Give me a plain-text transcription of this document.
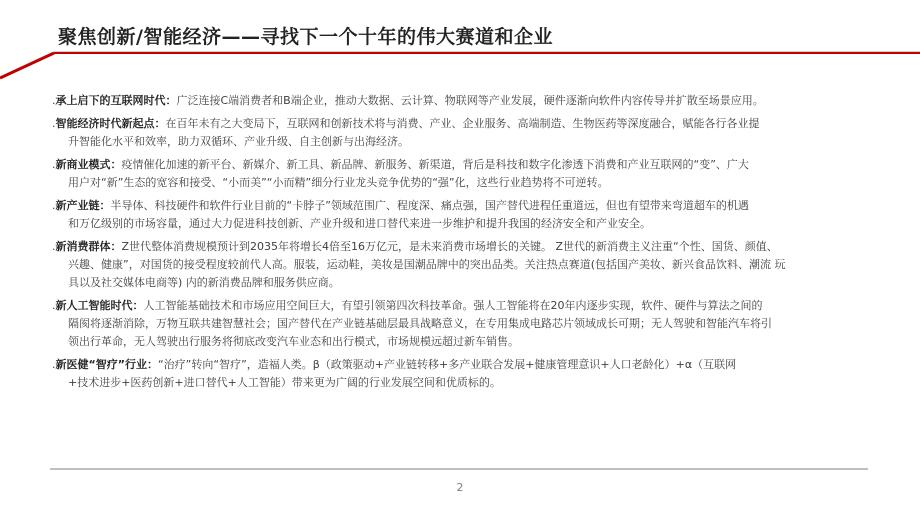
聚焦创新/智能经济——寻找下一个十年的伟大赛道和企业
.承上启下的互联网时代：广泛连接C端消费者和B端企业，推动大数据、云计算、物联网等产业发展，硬件逐渐向软件内容传导并扩散至场景应用。
.智能经济时代新起点：在百年未有之大变局下，互联网和创新技术将与消费、产业、企业服务、高端制造、生物医药等深度融合，赋能各行各业提
升智能化水平和效率，助力双循环、产业升级、自主创新与出海经济。
.新商业模式：疫情催化加速的新平台、新媒介、新工具、新品牌、新服务、新渠道，背后是科技和数字化渗透下消费和产业互联网的“变”、广大
用户对“新”生态的宽容和接受、“小而美”“小而精”细分行业龙头竞争优势的“强”化，这些行业趋势将不可逆转。
.新产业链：半导体、科技硬件和软件行业目前的“卡脖子”领域范围广、程度深、痛点强，国产替代进程任重道远，但也有望带来弯道超车的机遇
和万亿级别的市场容量，通过大力促进科技创新、产业升级和进口替代来进一步维护和提升我国的经济安全和产业安全。
.新消费群体：Z世代整体消费规模预计到2035年将增长4倍至16万亿元，是未来消费市场增长的关键。 Z世代的新消费主义注重“个性、国货、颜值、
兴趣、健康”，对国货的接受程度较前代人高。服装，运动鞋，美妆是国潮品牌中的突出品类。关注热点赛道(包括国产美妆、新兴食品饮料、潮流 玩
具以及社交媒体电商等) 内的新消费品牌和服务供应商。
.新人工智能时代：人工智能基础技术和市场应用空间巨大，有望引领第四次科技革命。强人工智能将在20年内逐步实现，软件、硬件与算法之间的
隔阂将逐渐消除，万物互联共建智慧社会；国产替代在产业链基础层最具战略意义，在专用集成电路芯片领域成长可期；无人驾驶和智能汽车将引
领出行革命，无人驾驶出行服务将彻底改变汽车业态和出行模式，市场规模远超过新车销售。
.新医健“智疗”行业：“治疗”转向“智疗”，造福人类。β（政策驱动+产业链转移+多产业联合发展+健康管理意识+人口老龄化）+α（互联网
+技术进步+医药创新+进口替代+人工智能）带来更为广阔的行业发展空间和优质标的。
2
